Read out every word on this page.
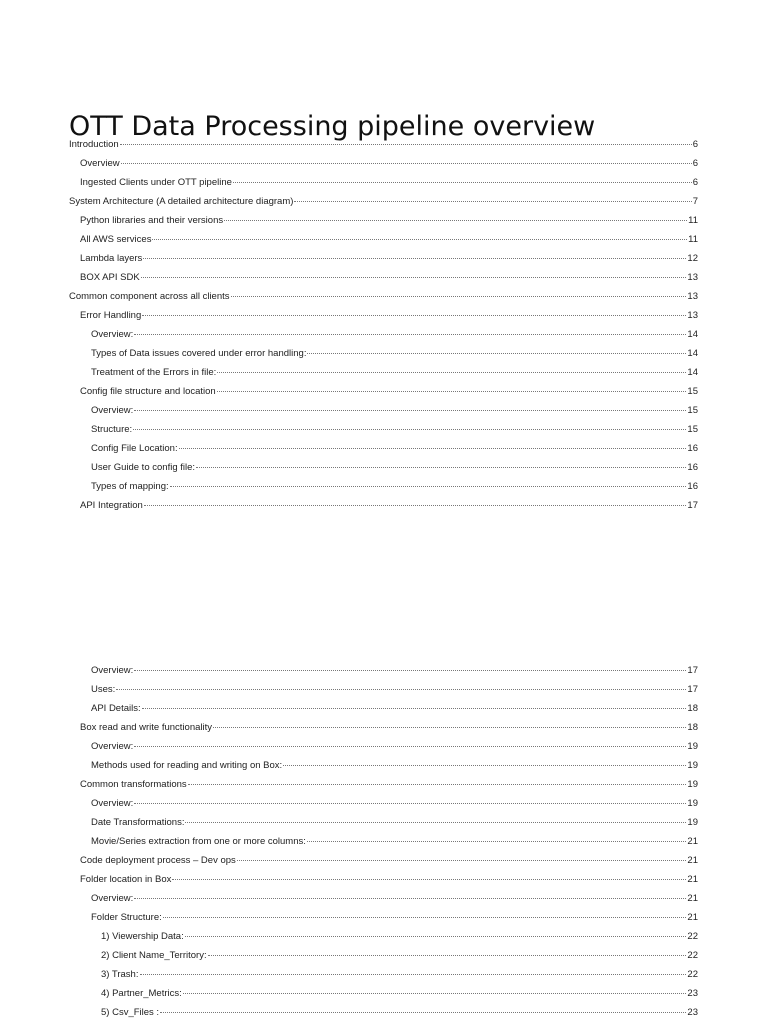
OTT Data Processing pipeline overview
Introduction	6
Overview	6
Ingested Clients under OTT pipeline	6
System Architecture (A detailed architecture diagram)	7
Python libraries and their versions	11
All AWS services	11
Lambda layers	12
BOX API SDK	13
Common component across all clients	13
Error Handling	13
Overview:	14
Types of Data issues covered under error handling:	14
Treatment of the Errors in file:	14
Config file structure and location	15
Overview:	15
Structure:	15
Config File Location:	16
User Guide to config file:	16
Types of mapping:	16
API Integration	17
Overview:	17
Uses:	17
API Details:	18
Box read and write functionality	18
Overview:	19
Methods used for reading and writing on Box:	19
Common transformations	19
Overview:	19
Date Transformations:	19
Movie/Series extraction from one or more columns:	21
Code deployment process – Dev ops	21
Folder location in Box	21
Overview:	21
Folder Structure:	21
1) Viewership Data:	22
2) Client Name_Territory:	22
3) Trash:	22
4) Partner_Metrics:	23
5) Csv_Files :	23
